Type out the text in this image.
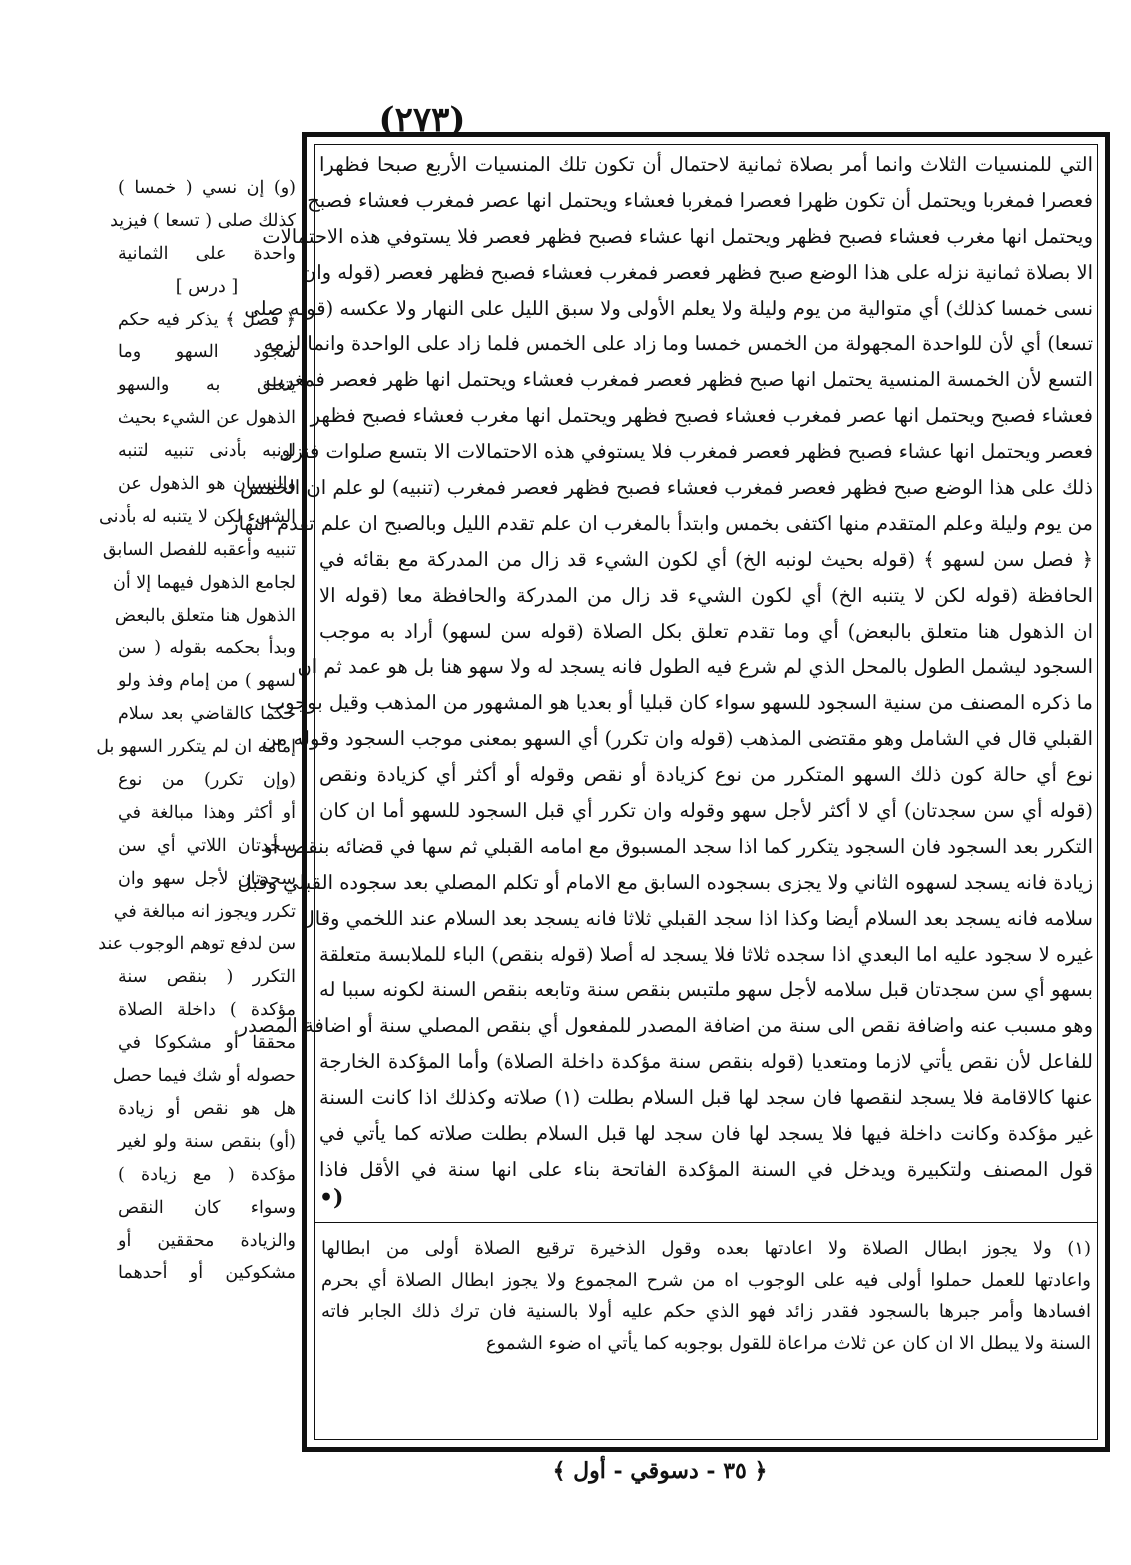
(٢٧٣)
(و) إن نسي ( خمسا )
كذلك صلى ( تسعا ) فيزيد
واحدة على الثمانية
[ درس ]
﴿ فصل ﴾ يذكر فيه حكم
سجود السهو وما
يتعلق به والسهو
الذهول عن الشيء بحيث
لونبه بأدنى تنبيه لتنبه
والنسيان هو الذهول عن
الشيء لكن لا يتنبه له بأدنى
تنبيه وأعقبه للفصل السابق
لجامع الذهول فيهما إلا أن
الذهول هنا متعلق بالبعض
وبدأ بحكمه بقوله ( سن
لسهو ) من إمام وفذ ولو
حكما كالقاضي بعد سلام
إمامه ان لم يتكرر السهو بل
(وإن تكرر) من نوع
أو أكثر وهذا مبالغة في
سجدتان اللاتي أي سن
سجدتان لأجل سهو وان
تكرر ويجوز انه مبالغة في
سن لدفع توهم الوجوب عند
التكرر ( بنقص سنة
مؤكدة ) داخلة الصلاة
محققا أو مشكوكا في
حصوله أو شك فيما حصل
هل هو نقص أو زيادة
(أو) بنقص سنة ولو لغير
مؤكدة ( مع زيادة )
وسواء كان النقص
والزيادة محققين أو
مشكوكين أو أحدهما
التي للمنسيات الثلاث وانما أمر بصلاة ثمانية لاحتمال أن تكون تلك المنسيات الأربع صبحا فظهرا
فعصرا فمغربا ويحتمل أن تكون ظهرا فعصرا فمغربا فعشاء ويحتمل انها عصر فمغرب فعشاء فصبح
ويحتمل انها مغرب فعشاء فصبح فظهر ويحتمل انها عشاء فصبح فظهر فعصر فلا يستوفي هذه الاحتمالات
الا بصلاة ثمانية نزله على هذا الوضع صبح فظهر فعصر فمغرب فعشاء فصبح فظهر فعصر (قوله وان
نسى خمسا كذلك) أي متوالية من يوم وليلة ولا يعلم الأولى ولا سبق الليل على النهار ولا عكسه (قوله صلى
تسعا) أي لأن للواحدة المجهولة من الخمس خمسا وما زاد على الخمس فلما زاد على الواحدة وانما لزمه
التسع لأن الخمسة المنسية يحتمل انها صبح فظهر فعصر فمغرب فعشاء ويحتمل انها ظهر فعصر فمغرب
فعشاء فصبح ويحتمل انها عصر فمغرب فعشاء فصبح فظهر ويحتمل انها مغرب فعشاء فصبح فظهر
فعصر ويحتمل انها عشاء فصبح فظهر فعصر فمغرب فلا يستوفي هذه الاحتمالات الا بتسع صلوات فنزل
ذلك على هذا الوضع صبح فظهر فعصر فمغرب فعشاء فصبح فظهر فعصر فمغرب (تنبيه) لو علم ان الخمس
من يوم وليلة وعلم المتقدم منها اكتفى بخمس وابتدأ بالمغرب ان علم تقدم الليل وبالصبح ان علم تقدم النهار
﴿ فصل سن لسهو ﴾ (قوله بحيث لونبه الخ) أي لكون الشيء قد زال من المدركة مع بقائه في
الحافظة (قوله لكن لا يتنبه الخ) أي لكون الشيء قد زال من المدركة والحافظة معا (قوله الا
ان الذهول هنا متعلق بالبعض) أي وما تقدم تعلق بكل الصلاة (قوله سن لسهو) أراد به موجب
السجود ليشمل الطول بالمحل الذي لم شرع فيه الطول فانه يسجد له ولا سهو هنا بل هو عمد ثم ان
ما ذكره المصنف من سنية السجود للسهو سواء كان قبليا أو بعديا هو المشهور من المذهب وقيل بوجوب
القبلي قال في الشامل وهو مقتضى المذهب (قوله وان تكرر) أي السهو بمعنى موجب السجود وقوله من
نوع أي حالة كون ذلك السهو المتكرر من نوع كزيادة أو نقص وقوله أو أكثر أي كزيادة ونقص
(قوله أي سن سجدتان) أي لا أكثر لأجل سهو وقوله وان تكرر أي قبل السجود للسهو أما ان كان
التكرر بعد السجود فان السجود يتكرر كما اذا سجد المسبوق مع امامه القبلي ثم سها في قضائه بنقص أو
زيادة فانه يسجد لسهوه الثاني ولا يجزى بسجوده السابق مع الامام أو تكلم المصلي بعد سجوده القبلي وقبل
سلامه فانه يسجد بعد السلام أيضا وكذا اذا سجد القبلي ثلاثا فانه يسجد بعد السلام عند اللخمي وقال
غيره لا سجود عليه اما البعدي اذا سجده ثلاثا فلا يسجد له أصلا (قوله بنقص) الباء للملابسة متعلقة
بسهو أي سن سجدتان قبل سلامه لأجل سهو ملتبس بنقص سنة وتابعه بنقص السنة لكونه سببا له
وهو مسبب عنه واضافة نقص الى سنة من اضافة المصدر للمفعول أي بنقص المصلي سنة أو اضافة المصدر
للفاعل لأن نقص يأتي لازما ومتعديا (قوله بنقص سنة مؤكدة داخلة الصلاة) وأما المؤكدة الخارجة
عنها كالاقامة فلا يسجد لنقصها فان سجد لها قبل السلام بطلت (١) صلاته وكذلك اذا كانت السنة
غير مؤكدة وكانت داخلة فيها فلا يسجد لها فان سجد لها قبل السلام بطلت صلاته كما يأتي في
قول المصنف ولتكبيرة ويدخل في السنة المؤكدة الفاتحة بناء على انها سنة في الأقل فاذا
(١) ولا يجوز ابطال الصلاة ولا اعادتها بعده وقول الذخيرة ترقيع الصلاة أولى من ابطالها
واعادتها للعمل حملوا أولى فيه على الوجوب اه من شرح المجموع ولا يجوز ابطال الصلاة أي بحرم
افسادها وأمر جبرها بالسجود فقدر زائد فهو الذي حكم عليه أولا بالسنية فان ترك ذلك الجابر فاته
السنة ولا يبطل الا ان كان عن ثلاث مراعاة للقول بوجوبه كما يأتي اه ضوء الشموع
•)
﴿ ٣٥ - دسوقي - أول ﴾
